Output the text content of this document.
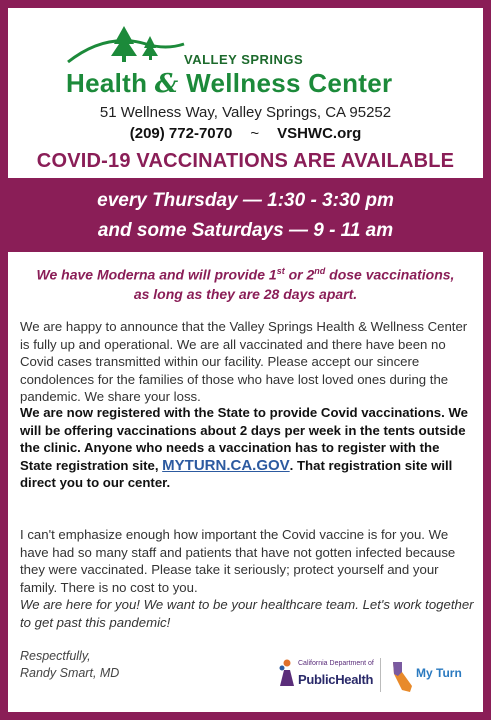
VALLEY SPRINGS
Health & Wellness Center
51 Wellness Way, Valley Springs, CA 95252
(209) 772-7070 ~ VSHWC.org
COVID-19 VACCINATIONS ARE AVAILABLE
every Thursday — 1:30 - 3:30 pm
and some Saturdays — 9 - 11 am
We have Moderna and will provide 1st or 2nd dose vaccinations,
as long as they are 28 days apart.
We are happy to announce that the Valley Springs Health & Wellness Center is fully up and operational. We are all vaccinated and there have been no Covid cases transmitted within our facility. Please accept our sincere condolences for the families of those who have lost loved ones during the pandemic. We share your loss.
We are now registered with the State to provide Covid vaccinations. We will be offering vaccinations about 2 days per week in the tents outside the clinic. Anyone who needs a vaccination has to register with the State registration site, MYTURN.CA.GOV. That registration site will direct you to our center.
I can't emphasize enough how important the Covid vaccine is for you. We have had so many staff and patients that have not gotten infected because they were vaccinated. Please take it seriously; protect yourself and your family. There is no cost to you.
We are here for you! We want to be your healthcare team. Let's work together to get past this pandemic!
Respectfully,
Randy Smart, MD
California Department of
PublicHealth	My Turn
